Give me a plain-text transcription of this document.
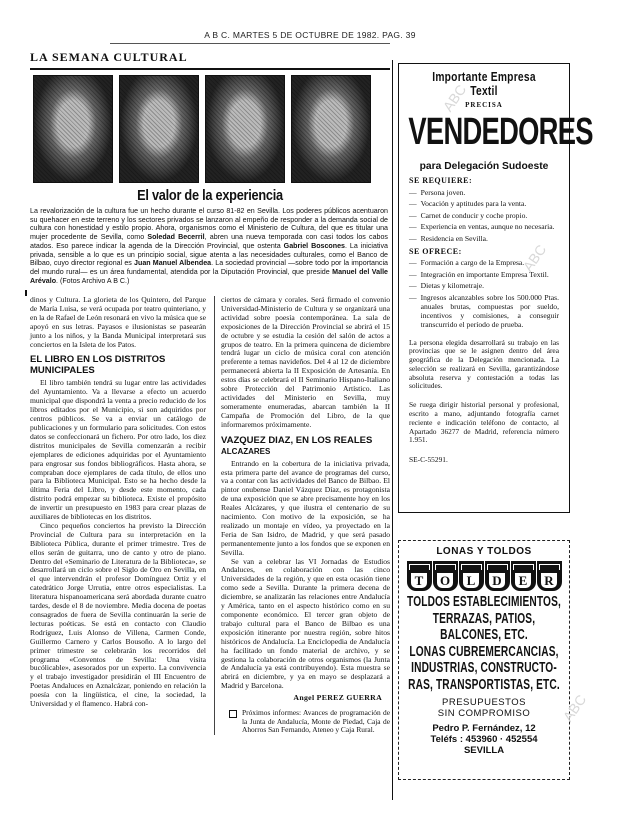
A B C. MARTES 5 DE OCTUBRE DE 1982. PAG. 39
LA SEMANA CULTURAL
El valor de la experiencia
La revalorización de la cultura fue un hecho durante el curso 81-82 en Sevilla. Los poderes públicos acentuaron su quehacer en este terreno y los sectores privados se lanzaron al empeño de responder a la demanda social de cultura con honestidad y estilo propio. Ahora, organismos como el Ministerio de Cultura, del que es titular una mujer procedente de Sevilla, como Soledad Becerril, abren una nueva temporada con casi todos los cabos atados. Eso parece indicar la agenda de la Dirección Provincial, que ostenta Gabriel Boscones. La iniciativa privada, sensible a lo que es un principio social, sigue atenta a las necesidades culturales, como el Banco de Bilbao, cuyo director regional es Juan Manuel Albendea. La sociedad provincial —sobre todo por la importancia del mundo rural— es un área fundamental, atendida por la Diputación Provincial, que preside Manuel del Valle Arévalo. (Fotos Archivo A B C.)

dinos y Cultura. La glorieta de los Quintero, del Parque de María Luisa, se verá ocupada por teatro quinteriano, y en la de Rafael de León resonará en vivo la música que se apoyó en sus letras. Payasos e ilusionistas se pasearán junto a los niños, y la Banda Municipal interpretará sus conciertos en la Isleta de los Patos.

EL LIBRO EN LOS DISTRITOS MUNICIPALES

El libro también tendrá su lugar entre las actividades del Ayuntamiento. Va a llevarse a efecto un acuerdo municipal que dispondrá la venta a precio reducido de los libros editados por el Municipio, si son adquiridos por centros públicos. Se va a enviar un catálogo de publicaciones y un formulario para solicitudes. Con estos datos se confeccionará un fichero. Por otro lado, los diez distritos municipales de Sevilla comenzarán a recibir ejemplares de ediciones adquiridas por el Ayuntamiento para engrosar sus fondos bibliográficos. Hasta ahora, se compraban doce ejemplares de cada título, de ellos uno para la Biblioteca Municipal. Esto se ha hecho desde la última Feria del Libro, y desde este momento, cada distrito podrá empezar su biblioteca. Existe el propósito de invertir un presupuesto en 1983 para crear plazas de auxiliares de bibliotecas en los distritos.

Cinco pequeños conciertos ha previsto la Dirección Provincial de Cultura para su interpretación en la Biblioteca Pública, durante el primer trimestre. Tres de ellos serán de guitarra, uno de canto y otro de piano. Dentro del «Seminario de Literatura de la Biblioteca», se desarrollará un ciclo sobre el Siglo de Oro en Sevilla, en el que intervendrán el profesor Domínguez Ortiz y el catedrático Jorge Urrutia, entre otros especialistas. La literatura hispanoamericana será abordada durante cuatro tardes, desde el 8 de noviembre. Media docena de poetas consagrados de fuera de Sevilla continuarán la serie de lecturas poéticas. Se está en contacto con Claudio Rodríguez, Luis Alonso de Villena, Carmen Conde, Guillermo Carnero y Carlos Bousoño. A lo largo del primer trimestre se celebrarán los recorridos del programa «Conventos de Sevilla: Una visita bucólicable», asesorados por un experto. La convivencia y el trabajo investigador presidirán el III Encuentro de Poetas Andaluces en Aznalcázar, poniendo en relación la poesía con la lingüística, el cine, la sociedad, la Universidad y el flamenco. Habrá con-

ciertos de cámara y corales. Será firmado el convenio Universidad-Ministerio de Cultura y se organizará una actividad sobre poesía contemporánea. La sala de exposiciones de la Dirección Provincial se abrirá el 15 de octubre y se estudia la cesión del salón de actos a grupos de teatro. En la primera quincena de diciembre tendrá lugar un ciclo de música coral con atención preferente a temas navideños. Del 4 al 12 de diciembre permanecerá abierta la II Exposición de Artesanía. En estos días se celebrará el II Seminario Hispano-Italiano sobre Protección del Patrimonio Artístico. Las actividades del Ministerio en Sevilla, muy someramente enumeradas, abarcan también la II Campaña de Promoción del Libro, de la que informaremos próximamente.

VAZQUEZ DIAZ, EN LOS REALES
ALCAZARES

Entrando en la cobertura de la iniciativa privada, esta primera parte del avance de programas del curso, va a contar con las actividades del Banco de Bilbao. El pintor onubense Daniel Vázquez Díaz, es protagonista de una exposición que se abre precisamente hoy en los Reales Alcázares, y que ilustra el centenario de su nacimiento. Con motivo de la exposición, se ha realizado un montaje en vídeo, ya proyectado en la Feria de San Isidro, de Madrid, y que será pasado permanentemente junto a los fondos que se exponen en Sevilla.

Se van a celebrar las VI Jornadas de Estudios Andaluces, en colaboración con las cinco Universidades de la región, y que en esta ocasión tiene como sede a Sevilla. Durante la primera decena de diciembre, se analizarán las relaciones entre Andalucía y América, tanto en el aspecto histórico como en su componente económico. El tercer gran objeto de trabajo cultural para el Banco de Bilbao es una exposición itinerante por nuestra región, sobre hitos históricos de Andalucía. La Enciclopedia de Andalucía ha facilitado un fondo material de archivo, y se gestiona la colaboración de otros organismos (la Junta de Andalucía ya está contribuyendo). Esta muestra se abrirá en diciembre, y ya en mayo se desplazará a Madrid y Barcelona.

Angel PEREZ GUERRA
Próximos informes: Avances de programación de la Junta de Andalucía, Monte de Piedad, Caja de Ahorros San Fernando, Ateneo y Caja Rural.
Importante Empresa Textil
PRECISA
VENDEDORES
para Delegación Sudoeste
SE REQUIERE:
— Persona joven.
— Vocación y aptitudes para la venta.
— Carnet de conducir y coche propio.
— Experiencia en ventas, aunque no necesaria.
— Residencia en Sevilla.
SE OFRECE:
— Formación a cargo de la Empresa.
— Integración en importante Empresa Textil.
— Dietas y kilometraje.
— Ingresos alcanzables sobre los 500.000 Ptas. anuales brutas, compuestas por sueldo, incentivos y comisiones, a conseguir transcurrido el período de prueba.
La persona elegida desarrollará su trabajo en las provincias que se le asignen dentro del área geográfica de la Delegación mencionada. La selección se realizará en Sevilla, garantizándose absoluta reserva y contestación a todas las solicitudes.
Se ruega dirigir historial personal y profesional, escrito a mano, adjuntando fotografía carnet reciente e indicación teléfono de contacto, al Apartado 36277 de Madrid, referencia número 1.951.
SE-C-55291.
LONAS Y TOLDOS
T	O	L	D	E	R
TOLDOS ESTABLECIMIENTOS,
TERRAZAS, PATIOS,
BALCONES, ETC.
LONAS CUBREMERCANCIAS,
INDUSTRIAS, CONSTRUCTO-
RAS, TRANSPORTISTAS, ETC.
PRESUPUESTOS
SIN COMPROMISO
Pedro P. Fernández, 12
Teléfs : 453960 · 452554
SEVILLA
ABC
ABC
ABC
